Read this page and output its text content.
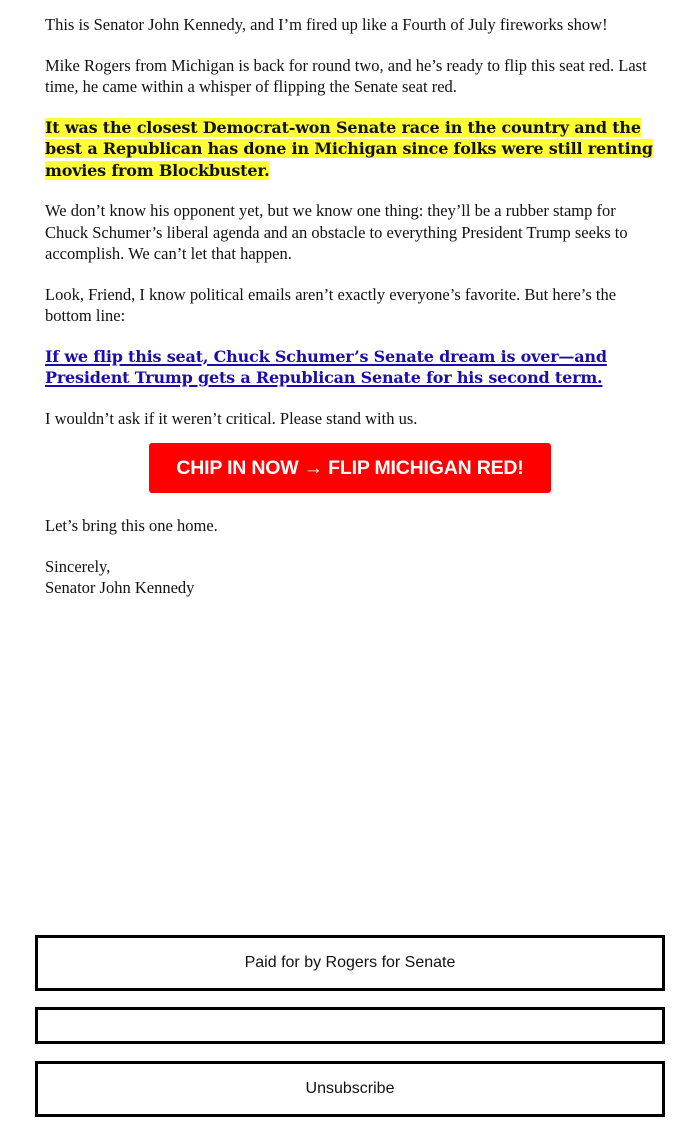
This is Senator John Kennedy, and I’m fired up like a Fourth of July fireworks show!

Mike Rogers from Michigan is back for round two, and he’s ready to flip this seat red. Last time, he came within a whisper of flipping the Senate seat red.

It was the closest Democrat-won Senate race in the country and the best a Republican has done in Michigan since folks were still renting movies from Blockbuster.

We don’t know his opponent yet, but we know one thing: they’ll be a rubber stamp for Chuck Schumer’s liberal agenda and an obstacle to everything President Trump seeks to accomplish. We can’t let that happen.

Look, Friend, I know political emails aren’t exactly everyone’s favorite. But here’s the bottom line:

If we flip this seat, Chuck Schumer’s Senate dream is over—and President Trump gets a Republican Senate for his second term.

I wouldn’t ask if it weren’t critical. Please stand with us.

CHIP IN NOW → FLIP MICHIGAN RED!

Let’s bring this one home.

Sincerely,

Senator John Kennedy

Paid for by Rogers for Senate
Unsubscribe
